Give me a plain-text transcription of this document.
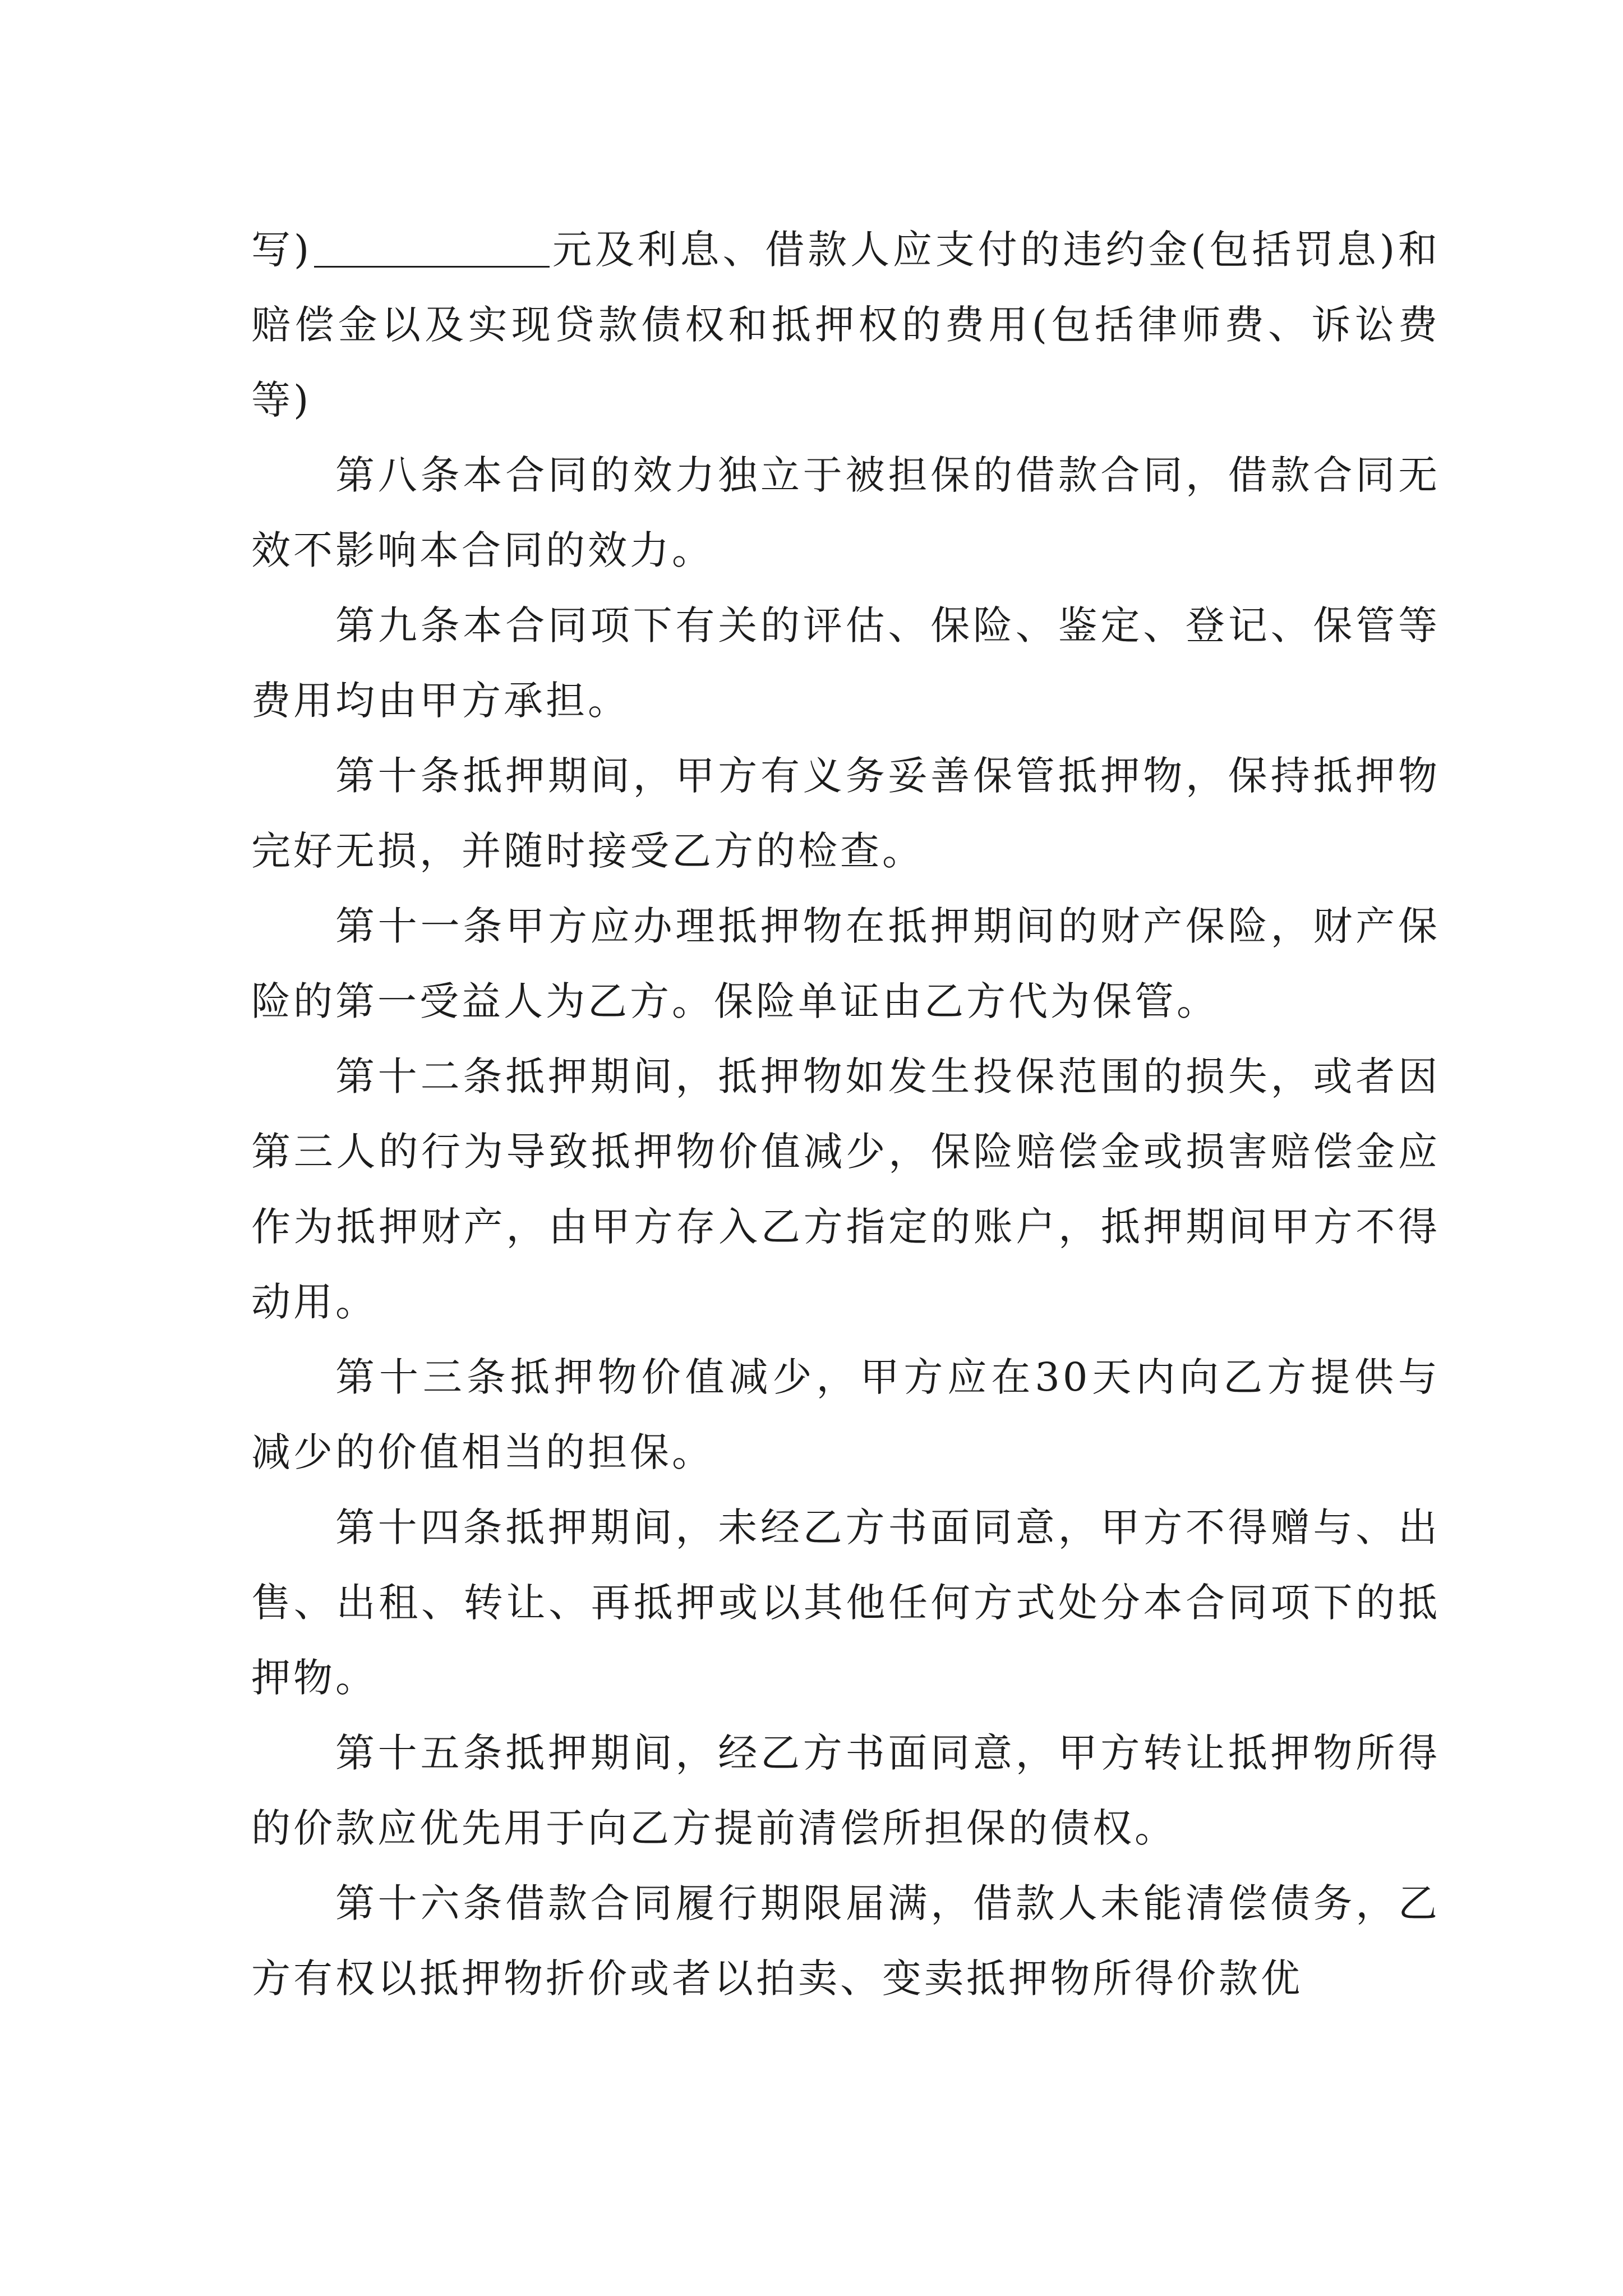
写)	元及利息、借款人应支付的违约金(包括罚息)和赔偿金以及实现贷款债权和抵押权的费用(包括律师费、诉讼费等)

第八条本合同的效力独立于被担保的借款合同，借款合同无效不影响本合同的效力。

第九条本合同项下有关的评估、保险、鉴定、登记、保管等费用均由甲方承担。

第十条抵押期间，甲方有义务妥善保管抵押物，保持抵押物完好无损，并随时接受乙方的检查。

第十一条甲方应办理抵押物在抵押期间的财产保险，财产保险的第一受益人为乙方。保险单证由乙方代为保管。

第十二条抵押期间，抵押物如发生投保范围的损失，或者因第三人的行为导致抵押物价值减少，保险赔偿金或损害赔偿金应作为抵押财产，由甲方存入乙方指定的账户，抵押期间甲方不得动用。

第十三条抵押物价值减少，甲方应在30天内向乙方提供与减少的价值相当的担保。

第十四条抵押期间，未经乙方书面同意，甲方不得赠与、出售、出租、转让、再抵押或以其他任何方式处分本合同项下的抵押物。

第十五条抵押期间，经乙方书面同意，甲方转让抵押物所得的价款应优先用于向乙方提前清偿所担保的债权。

第十六条借款合同履行期限届满，借款人未能清偿债务，乙方有权以抵押物折价或者以拍卖、变卖抵押物所得价款优
